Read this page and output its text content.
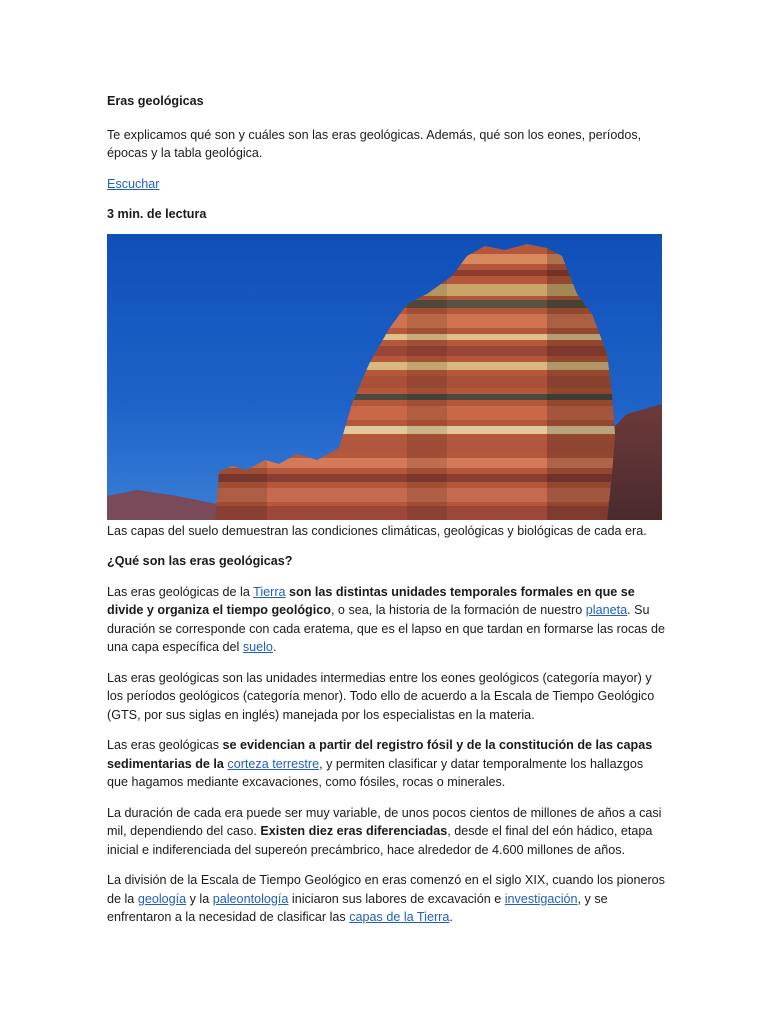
Eras geológicas

Te explicamos qué son y cuáles son las eras geológicas. Además, qué son los eones, períodos, épocas y la tabla geológica.

Escuchar

3 min. de lectura

Las capas del suelo demuestran las condiciones climáticas, geológicas y biológicas de cada era.

¿Qué son las eras geológicas?

Las eras geológicas de la Tierra son las distintas unidades temporales formales en que se divide y organiza el tiempo geológico, o sea, la historia de la formación de nuestro planeta. Su duración se corresponde con cada eratema, que es el lapso en que tardan en formarse las rocas de una capa específica del suelo.

Las eras geológicas son las unidades intermedias entre los eones geológicos (categoría mayor) y los períodos geológicos (categoría menor). Todo ello de acuerdo a la Escala de Tiempo Geológico (GTS, por sus siglas en inglés) manejada por los especialistas en la materia.

Las eras geológicas se evidencian a partir del registro fósil y de la constitución de las capas sedimentarias de la corteza terrestre, y permiten clasificar y datar temporalmente los hallazgos que hagamos mediante excavaciones, como fósiles, rocas o minerales.

La duración de cada era puede ser muy variable, de unos pocos cientos de millones de años a casi mil, dependiendo del caso. Existen diez eras diferenciadas, desde el final del eón hádico, etapa inicial e indiferenciada del supereón precámbrico, hace alrededor de 4.600 millones de años.

La división de la Escala de Tiempo Geológico en eras comenzó en el siglo XIX, cuando los pioneros de la geología y la paleontología iniciaron sus labores de excavación e investigación, y se enfrentaron a la necesidad de clasificar las capas de la Tierra.
